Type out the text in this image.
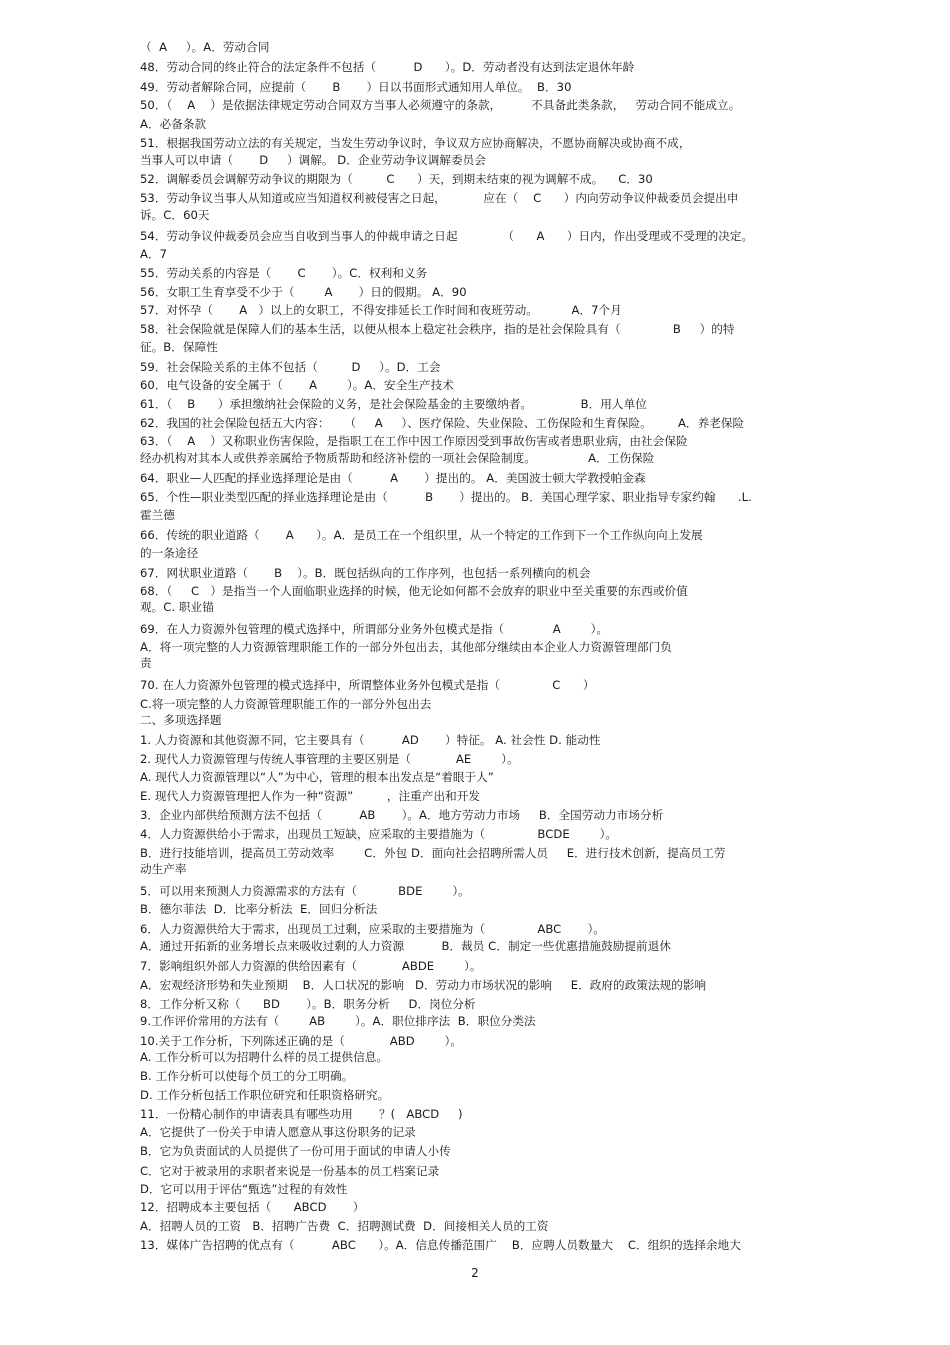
（  A     ）。A．劳动合同
48．劳动合同的终止符合的法定条件不包括（          D      ）。D．劳动者没有达到法定退休年龄
49．劳动者解除合同，应提前（       B       ）日以书面形式通知用人单位。  B．30
50．（    A    ）是依据法律规定劳动合同双方当事人必须遵守的条款，        不具备此类条款，   劳动合同不能成立。
A．必备条款
51．根据我国劳动立法的有关规定，当发生劳动争议时，争议双方应协商解决，不愿协商解决或协商不成，
当事人可以申请（       D     ）调解。 D．企业劳动争议调解委员会
52．调解委员会调解劳动争议的期限为（         C      ）天，到期未结束的视为调解不成。    C．30
53．劳动争议当事人从知道或应当知道权利被侵害之日起，          应在（    C      ）内向劳动争议仲裁委员会提出申
诉。C．60天
54．劳动争议仲裁委员会应当自收到当事人的仲裁申请之日起            （      A      ）日内，作出受理或不受理的决定。
A．7
55．劳动关系的内容是（       C       ）。C．权利和义务
56．女职工生育享受不少于（        A       ）日的假期。 A．90
57．对怀孕（       A   ）以上的女职工，不得安排延长工作时间和夜班劳动。         A．7个月
58．社会保险就是保障人们的基本生活，以便从根本上稳定社会秩序，指的是社会保险具有（              B     ）的特
征。B．保障性
59．社会保险关系的主体不包括（         D     ）。D．工会
60．电气设备的安全属于（       A        ）。A．安全生产技术
61．（    B      ）承担缴纳社会保险的义务，是社会保险基金的主要缴纳者。             B．用人单位
62．我国的社会保险包括五大内容：    （     A     ）、医疗保险、失业保险、工伤保险和生育保险。       A．养老保险
63．（    A    ）又称职业伤害保险，是指职工在工作中因工作原因受到事故伤害或者患职业病，由社会保险
经办机构对其本人或供养亲属给予物质帮助和经济补偿的一项社会保险制度。              A．工伤保险
64．职业—人匹配的择业选择理论是由（          A       ）提出的。 A．美国波士顿大学教授帕金森
65．个性—职业类型匹配的择业选择理论是由（          B       ）提出的。 B．美国心理学家、职业指导专家约翰      .L.
霍兰德
66．传统的职业道路（       A      ）。A．是员工在一个组织里，从一个特定的工作到下一个工作纵向向上发展
的一条途径
67．网状职业道路（       B    ）。B．既包括纵向的工作序列，也包括一系列横向的机会
68．（     C   ）是指当一个人面临职业选择的时候，他无论如何都不会放弃的职业中至关重要的东西或价值
观。C. 职业锚
69．在人力资源外包管理的模式选择中，所谓部分业务外包模式是指（             A        ）。
A．将一项完整的人力资源管理职能工作的一部分外包出去，其他部分继续由本企业人力资源管理部门负
责
70. 在人力资源外包管理的模式选择中，所谓整体业务外包模式是指（              C      ）
C.将一项完整的人力资源管理职能工作的一部分外包出去
二、多项选择题
1. 人力资源和其他资源不同，它主要具有（          AD       ）特征。 A. 社会性 D. 能动性
2. 现代人力资源管理与传统人事管理的主要区别是（            AE        ）。
A. 现代人力资源管理以“人”为中心，管理的根本出发点是“着眼于人”
E. 现代人力资源管理把人作为一种“资源”         ，注重产出和开发
3．企业内部供给预测方法不包括（          AB       ）。A．地方劳动力市场     B．全国劳动力市场分析
4．人力资源供给小于需求，出现员工短缺，应采取的主要措施为（              BCDE        ）。
B．进行技能培训，提高员工劳动效率        C．外包 D．面向社会招聘所需人员     E．进行技术创新，提高员工劳
动生产率
5．可以用来预测人力资源需求的方法有（           BDE        ）。
B．德尔菲法  D．比率分析法  E．回归分析法
6．人力资源供给大于需求，出现员工过剩，应采取的主要措施为（              ABC       ）。
A．通过开拓新的业务增长点来吸收过剩的人力资源          B．裁员 C．制定一些优惠措施鼓励提前退休
7．影响组织外部人力资源的供给因素有（            ABDE        ）。
A．宏观经济形势和失业预期    B．人口状况的影响   D．劳动力市场状况的影响     E．政府的政策法规的影响
8．工作分析又称（      BD       ）。B．职务分析     D．岗位分析
9.工作评价常用的方法有（        AB        ）。A．职位排序法  B．职位分类法
10.关于工作分析，下列陈述正确的是（            ABD        ）。
A. 工作分析可以为招聘什么样的员工提供信息。
B. 工作分析可以使每个员工的分工明确。
D. 工作分析包括工作职位研究和任职资格研究。
11．一份精心制作的申请表具有哪些功用       ？(   ABCD     )
A．它提供了一份关于申请人愿意从事这份职务的记录
B．它为负责面试的人员提供了一份可用于面试的申请人小传
C．它对于被录用的求职者来说是一份基本的员工档案记录
D．它可以用于评估“甄选”过程的有效性
12．招聘成本主要包括（      ABCD       ）
A．招聘人员的工资   B．招聘广告费  C．招聘测试费  D．间接相关人员的工资
13．媒体广告招聘的优点有（          ABC      ）。A．信息传播范围广    B．应聘人员数量大    C．组织的选择余地大
2
